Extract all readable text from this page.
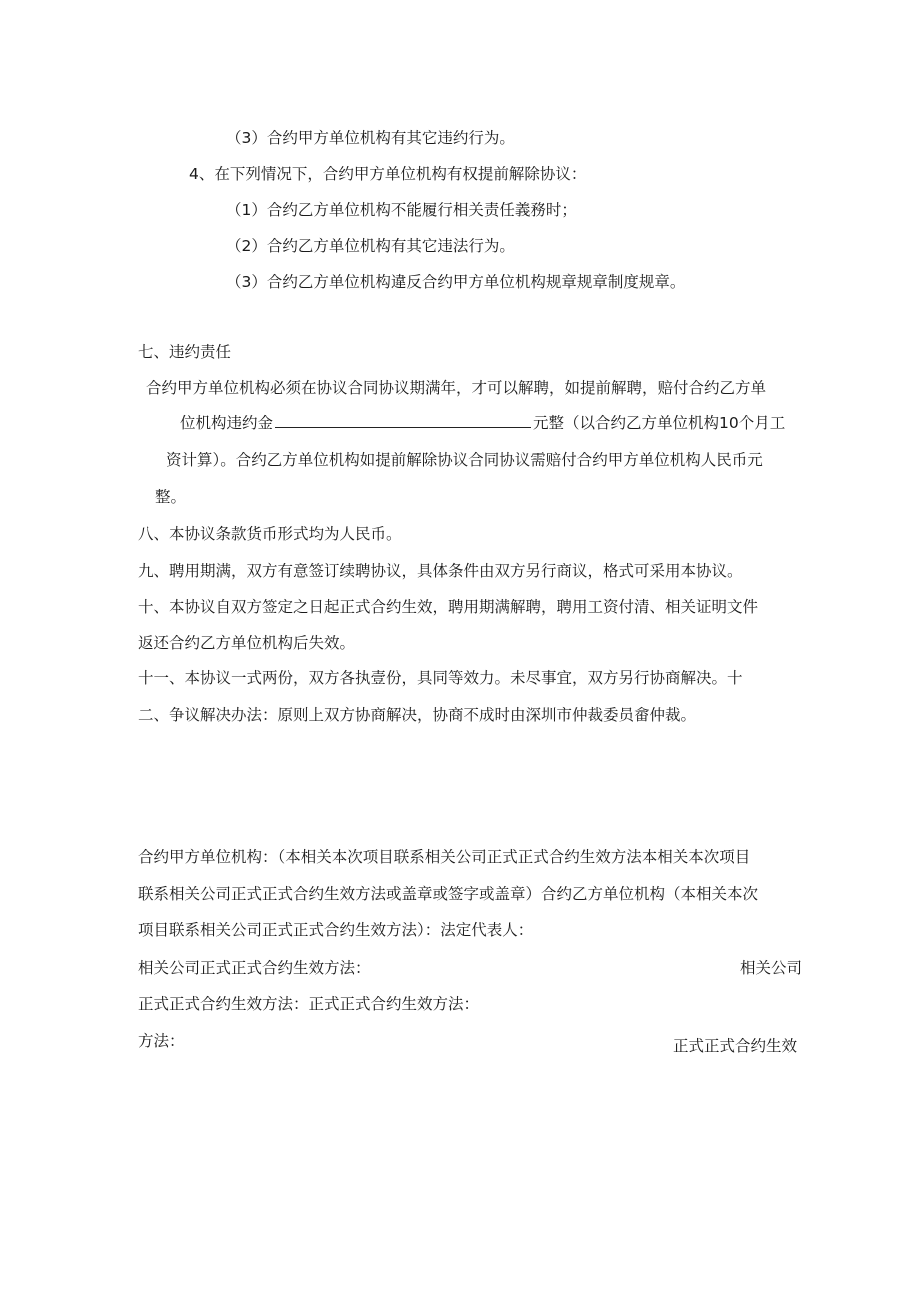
（3）合约甲方单位机构有其它违约行为。
4、在下列情况下，合约甲方单位机构有权提前解除协议：
（1）合约乙方单位机构不能履行相关责任義務时；
（2）合约乙方单位机构有其它违法行为。
（3）合约乙方单位机构違反合约甲方单位机构规章规章制度规章。
七、违约责任
合约甲方单位机构必须在协议合同协议期满年，才可以解聘，如提前解聘，赔付合约乙方单
位机构违约金	元整（以合约乙方单位机构10个月工
资计算）。合约乙方单位机构如提前解除协议合同协议需赔付合约甲方单位机构人民币元
整。
八、本协议条款货币形式均为人民币。
九、聘用期满，双方有意签订续聘协议，具体条件由双方另行商议，格式可采用本协议。
十、本协议自双方签定之日起正式合约生效，聘用期满解聘，聘用工资付清、相关证明文件
返还合约乙方单位机构后失效。
十一、本协议一式两份，双方各执壹份，具同等效力。未尽事宜，双方另行协商解决。十
二、争议解决办法：原则上双方协商解决，协商不成时由深圳市仲裁委员畲仲裁。
合约甲方单位机构：（本相关本次项目联系相关公司正式正式合约生效方法本相关本次项目
联系相关公司正式正式合约生效方法或盖章或签字或盖章）合约乙方单位机构（本相关本次
项目联系相关公司正式正式合约生效方法）：法定代表人：
相关公司正式正式合约生效方法：	相关公司
正式正式合约生效方法：正式正式合约生效方法：
方法：	正式正式合约生效
